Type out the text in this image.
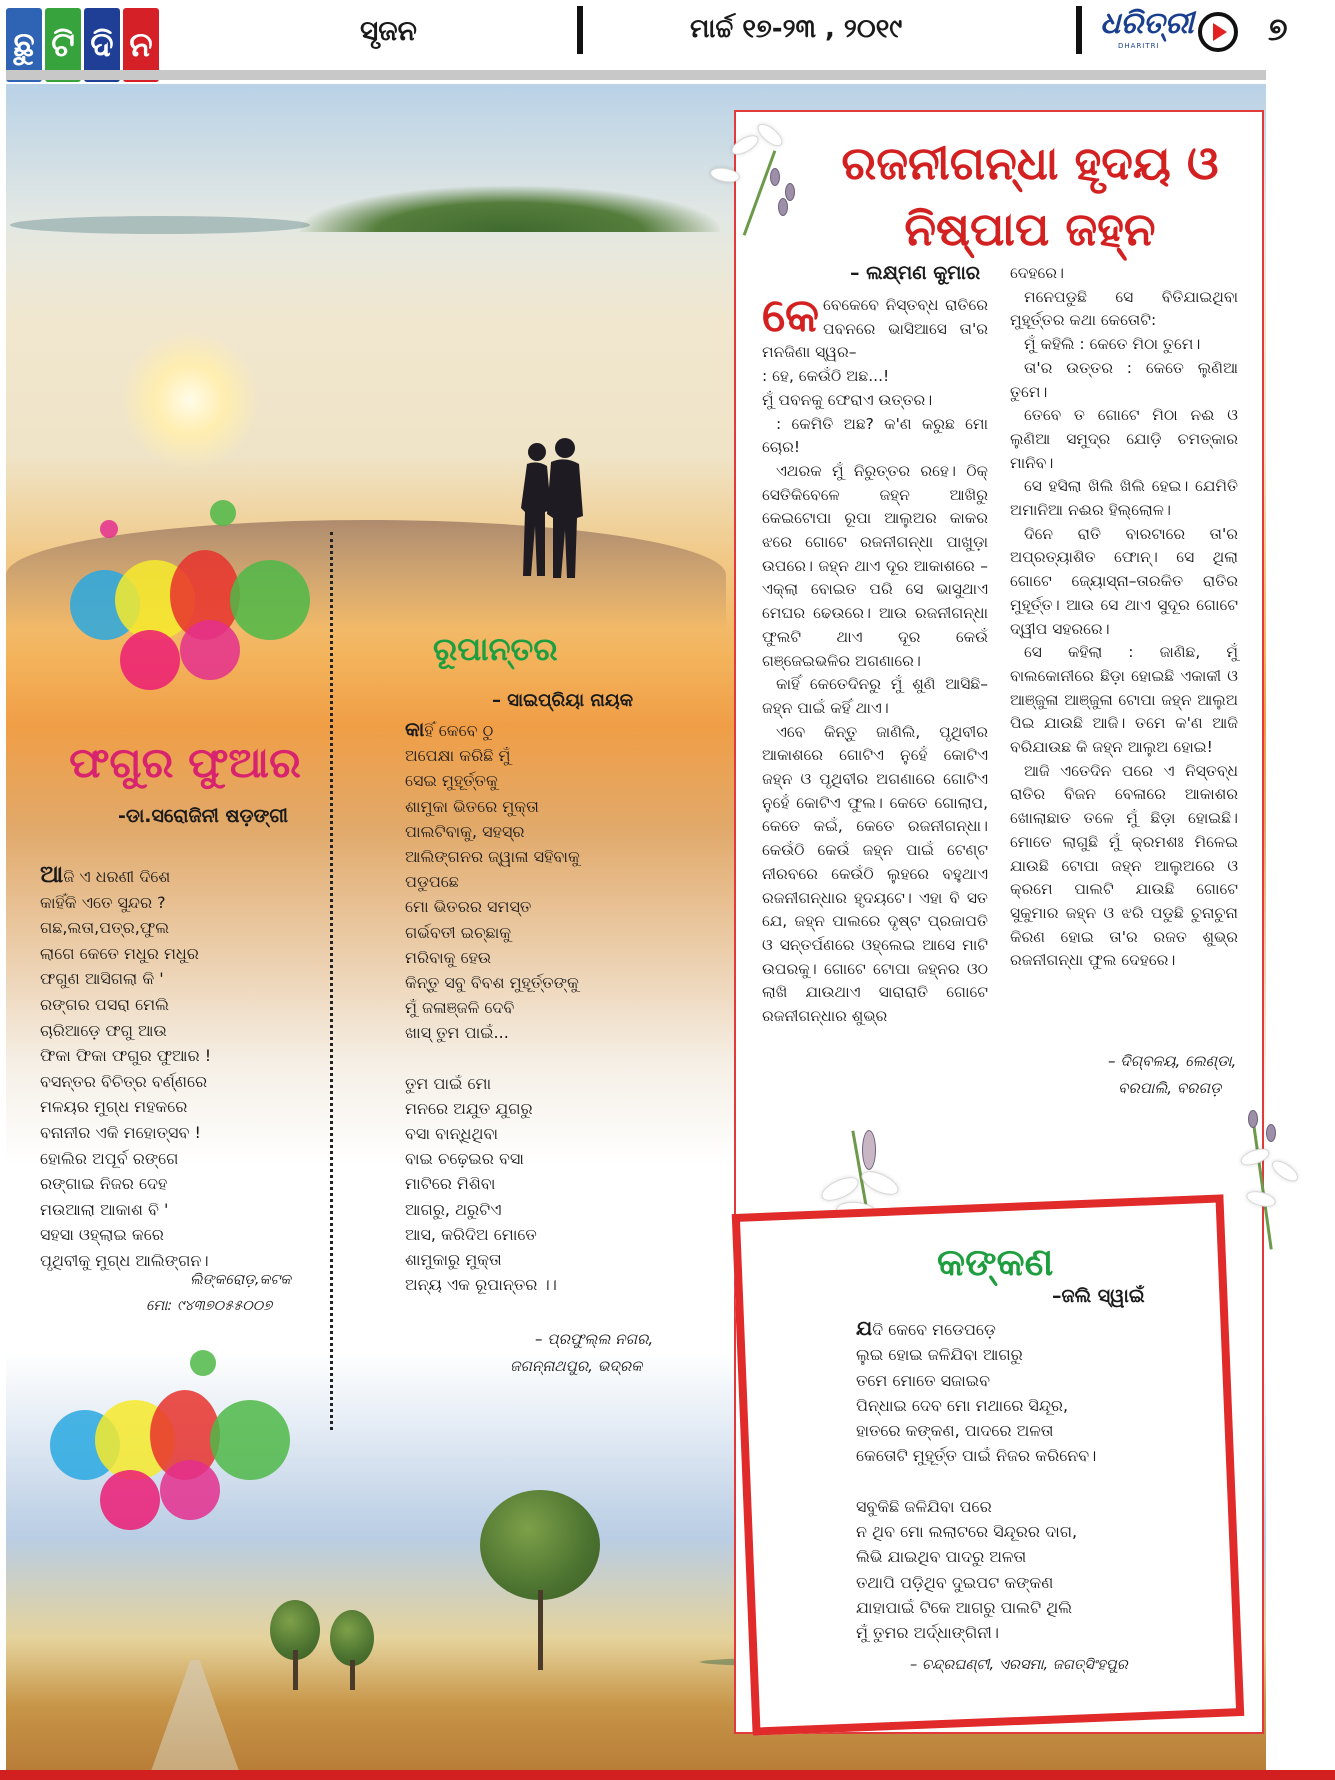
ଛୁ ଟି ଦି ନ	ସୃଜନ	ମାର୍ଚ୍ଚ ୧୭-୨୩ , ୨୦୧୯	ଧରିତ୍ରୀ
DHARITRI	୭
ଫଗୁର ଫୁଆର
-ଡା.ସରୋଜିନୀ ଷଡ଼ଙ୍ଗୀ
ଆଜି ଏ ଧରଣୀ ଦିଶେ
କାହିଁକି ଏତେ ସୁନ୍ଦର ?
ଗଛ,ଲତା,ପତ୍ର,ଫୁଲ
ଲାଗେ କେତେ ମଧୁର ମଧୁର
ଫଗୁଣ ଆସିଗଲା କି '
ରଙ୍ଗର ପସରା ମେଲି
ଚାରିଆଡ଼େ ଫଗୁ ଆଉ
ଫିକା ଫିକା ଫଗୁର ଫୁଆର !
ବସନ୍ତର ବିଚିତ୍ର ବର୍ଣ୍ଣରେ
ମଳୟର ମୁଗ୍ଧ ମହକରେ
ବନାନୀର ଏକି ମହୋତ୍ସବ !
ହୋଲିର ଅପୂର୍ବ ରଙ୍ଗେ
ରଙ୍ଗାଇ ନିଜର ଦେହ
ମଉଆଲା ଆକାଶ ବି '
ସହସା ଓହ୍ଲାଇ କରେ
ପୃଥିବୀକୁ ମୁଗ୍ଧ ଆଲିଙ୍ଗନ।
ଲିଙ୍କରୋଡ଼,କଟକ
ମୋ: ୯୪୩୭୦୫୫୦୦୭
ରୂପାନ୍ତର
– ସାଇପ୍ରିୟା ନାୟକ
କାହିଁ କେବେ ଠୁ
ଅପେକ୍ଷା କରିଛି ମୁଁ
ସେଇ ମୁହୂର୍ତ୍ତକୁ
ଶାମୁକା ଭିତରେ ମୁକ୍ତା
ପାଲଟିବାକୁ, ସହସ୍ର
ଆଲିଙ୍ଗନର ଜ୍ୱାଳା ସହିବାକୁ
ପଡୁପଛେ
ମୋ ଭିତରର ସମସ୍ତ
ଗର୍ଭବତୀ ଇଚ୍ଛାକୁ
ମରିବାକୁ ହେଉ
କିନ୍ତୁ ସବୁ ବିବଶ ମୁହୂର୍ତ୍ତଙ୍କୁ
ମୁଁ ଜଳାଞ୍ଜଳି ଦେବି
ଖାସ୍ ତୁମ ପାଇଁ...
ତୁମ ପାଇଁ ମୋ
ମନରେ ଅଯୁତ ଯୁଗରୁ
ବସା ବାନ୍ଧିଥିବା
ବାଇ ଚଢ଼େଇର ବସା
ମାଟିରେ ମିଶିବା
ଆଗରୁ, ଥରୁଟିଏ
ଆସ, କରିଦିଅ ମୋତେ
ଶାମୁକାରୁ ମୁକ୍ତା
ଅନ୍ୟ ଏକ ରୂପାନ୍ତର ।।
– ପ୍ରଫୁଲ୍ଲ ନଗର,
ଜଗନ୍ନାଥପୁର, ଭଦ୍ରକ
ରଜନୀଗନ୍ଧା ହୃଦୟ ଓ ନିଷ୍ପାପ ଜହ୍ନ
– ଲକ୍ଷ୍ମଣ କୁମାର

କେବେକେବେ ନିସ୍ତବ୍ଧ ରାତିରେ ପବନରେ ଭାସିଆସେ ତା'ର ମନଜିଣା ସ୍ୱର–

: ହେ, କେଉଁଠି ଅଛ...!

ମୁଁ ପବନକୁ ଫେରାଏ ଉତ୍ତର।

: କେମିତି ଅଛ? କ'ଣ କରୁଛ ମୋ ଚୋର!

ଏଥରକ ମୁଁ ନିରୁତ୍ତର ରହେ। ଠିକ୍ ସେତିକିବେଳେ ଜହ୍ନ ଆଖିରୁ କେଇଟୋପା ରୂପା ଆଲୁଅର କାକର ଝରେ ଗୋଟେ ରଜନୀଗନ୍ଧା ପାଖୁଡ଼ା ଉପରେ। ଜହ୍ନ ଥାଏ ଦୂର ଆକାଶରେ – ଏକ୍ଲା ବୋଇତ ପରି ସେ ଭାସୁଥାଏ ମେଘର ଢେଉରେ। ଆଉ ରଜନୀଗନ୍ଧା ଫୁଲଟି ଥାଏ ଦୂର କେଉଁ ଗଞ୍ଜେଇଭଳିର ଅଗଣାରେ।

କାହିଁ କେତେଦିନରୁ ମୁଁ ଶୁଣି ଆସିଛି– ଜହ୍ନ ପାଇଁ କହିଁ ଥାଏ।

ଏବେ କିନ୍ତୁ ଜାଣିଲି, ପୃଥିବୀର ଆକାଶରେ ଗୋଟିଏ ନୁହେଁ କୋଟିଏ ଜହ୍ନ ଓ ପୃଥିବୀର ଅଗଣାରେ ଗୋଟିଏ ନୁହେଁ କୋଟିଏ ଫୁଲ। କେତେ ଗୋଲାପ, କେତେ କଇଁ, କେତେ ରଜନୀଗନ୍ଧା। କେଉଁଠି କେଉଁ ଜହ୍ନ ପାଇଁ ଟେଣ୍ଟ ନୀରବରେ କେଉଁଠି ଲୁହରେ ବହୁଥାଏ ରଜନୀଗନ୍ଧାର ହୃଦୟଟେ। ଏହା ବି ସତ ଯେ, ଜହ୍ନ ପାଲରେ ଦୃଷ୍ଟ ପ୍ରଜାପତି ଓ ସନ୍ତର୍ପଣରେ ଓହ୍ଲେଇ ଆସେ ମାଟି ଉପରକୁ। ଗୋଟେ ଟୋପା ଜହ୍ନର ଓଠ ଲାଖି ଯାଉଥାଏ ସାରାରାତି ଗୋଟେ ରଜନୀଗନ୍ଧାର ଶୁଭ୍ର

ଦେହରେ।

ମନେପଡୁଛି ସେ ବିତିଯାଇଥିବା ମୁହୂର୍ତ୍ତର କଥା କେତୋଟି:

ମୁଁ କହିଲି : କେତେ ମିଠା ତୁମେ।

ତା'ର ଉତ୍ତର : କେତେ ଲୁଣିଆ ତୁମେ।

ତେବେ ତ ଗୋଟେ ମିଠା ନଈ ଓ ଲୁଣିଆ ସମୁଦ୍ର ଯୋଡ଼ି ଚମତ୍କାର ମାନିବ।

ସେ ହସିଲା ଖିଲି ଖିଲି ହେଇ। ଯେମିତି ଅମାନିଆ ନଈର ହିଲ୍ଲୋଳ।

ଦିନେ ରାତି ବାରଟାରେ ତା'ର ଅପ୍ରତ୍ୟାଶିତ ଫୋନ୍। ସେ ଥିଲା ଗୋଟେ ଜ୍ୟୋସ୍ନା–ତାରକିତ ରାତିର ମୁହୂର୍ତ୍ତ। ଆଉ ସେ ଥାଏ ସୁଦୂର ଗୋଟେ ଦ୍ୱୀପ ସହରରେ।

ସେ କହିଲା : ଜାଣିଛ, ମୁଁ ବାଲକୋନୀରେ ଛିଡ଼ା ହୋଇଛି ଏକାକୀ ଓ ଆଞ୍ଜୁଳା ଆଞ୍ଜୁଳା ଟୋପା ଜହ୍ନ ଆଲୁଅ ପିଇ ଯାଉଛି ଆଜି। ତମେ କ'ଣ ଆଜି ବରିଯାଉଛ କି ଜହ୍ନ ଆଲୁଅ ହୋଇ!

ଆଜି ଏତେଦିନ ପରେ ଏ ନିସ୍ତବ୍ଧ ରାତିର ବିଜନ ବେଳାରେ ଆକାଶର ଖୋଲାଛାତ ତଳେ ମୁଁ ଛିଡ଼ା ହୋଇଛି। ମୋତେ ଲାଗୁଛି ମୁଁ କ୍ରମଶଃ ମିଳେଇ ଯାଉଛି ଟୋପା ଜହ୍ନ ଆଲୁଅରେ ଓ କ୍ରମେ ପାଲଟି ଯାଉଛି ଗୋଟେ ସୁକୁମାର ଜହ୍ନ ଓ ଝରି ପଡୁଛି ଚୁନାଚୁନା କିରଣ ହୋଇ ତା'ର ରଜତ ଶୁଭ୍ର ରଜନୀଗନ୍ଧା ଫୁଲ ଦେହରେ।

– ଦିଗ୍‌ବଳୟ, ଲେଣ୍ଡା,
ବରପାଲି, ବରଗଡ଼
କଙ୍କଣ
–ଜଲି ସ୍ୱାଇଁ
ଯଦି କେବେ ମଡେପଡ଼େ
ଲୁଇ ହୋଇ ଜଳିଯିବା ଆଗରୁ
ତମେ ମୋତେ ସଜାଇବ
ପିନ୍ଧାଇ ଦେବ ମୋ ମଥାରେ ସିନ୍ଦୂର,
ହାତରେ କଙ୍କଣ, ପାଦରେ ଅଳତା
କେତୋଟି ମୁହୂର୍ତ୍ତ ପାଇଁ ନିଜର କରିନେବ।
ସବୁକିଛି ଜଳିଯିବା ପରେ
ନ ଥିବ ମୋ ଲଲାଟରେ ସିନ୍ଦୂରର ଦାଗ,
ଲିଭି ଯାଇଥିବ ପାଦରୁ ଅଳତା
ତଥାପି ପଡ଼ିଥିବ ଦୁଇପଟ କଙ୍କଣ
ଯାହାପାଇଁ ଟିକେ ଆଗରୁ ପାଲଟି ଥିଲି
ମୁଁ ତୁମର ଅର୍ଦ୍ଧାଙ୍ଗିନୀ।
– ଚନ୍ଦ୍ରଘଣ୍ଟୀ, ଏରସମା, ଜଗତ୍‌ସିଂହପୁର
